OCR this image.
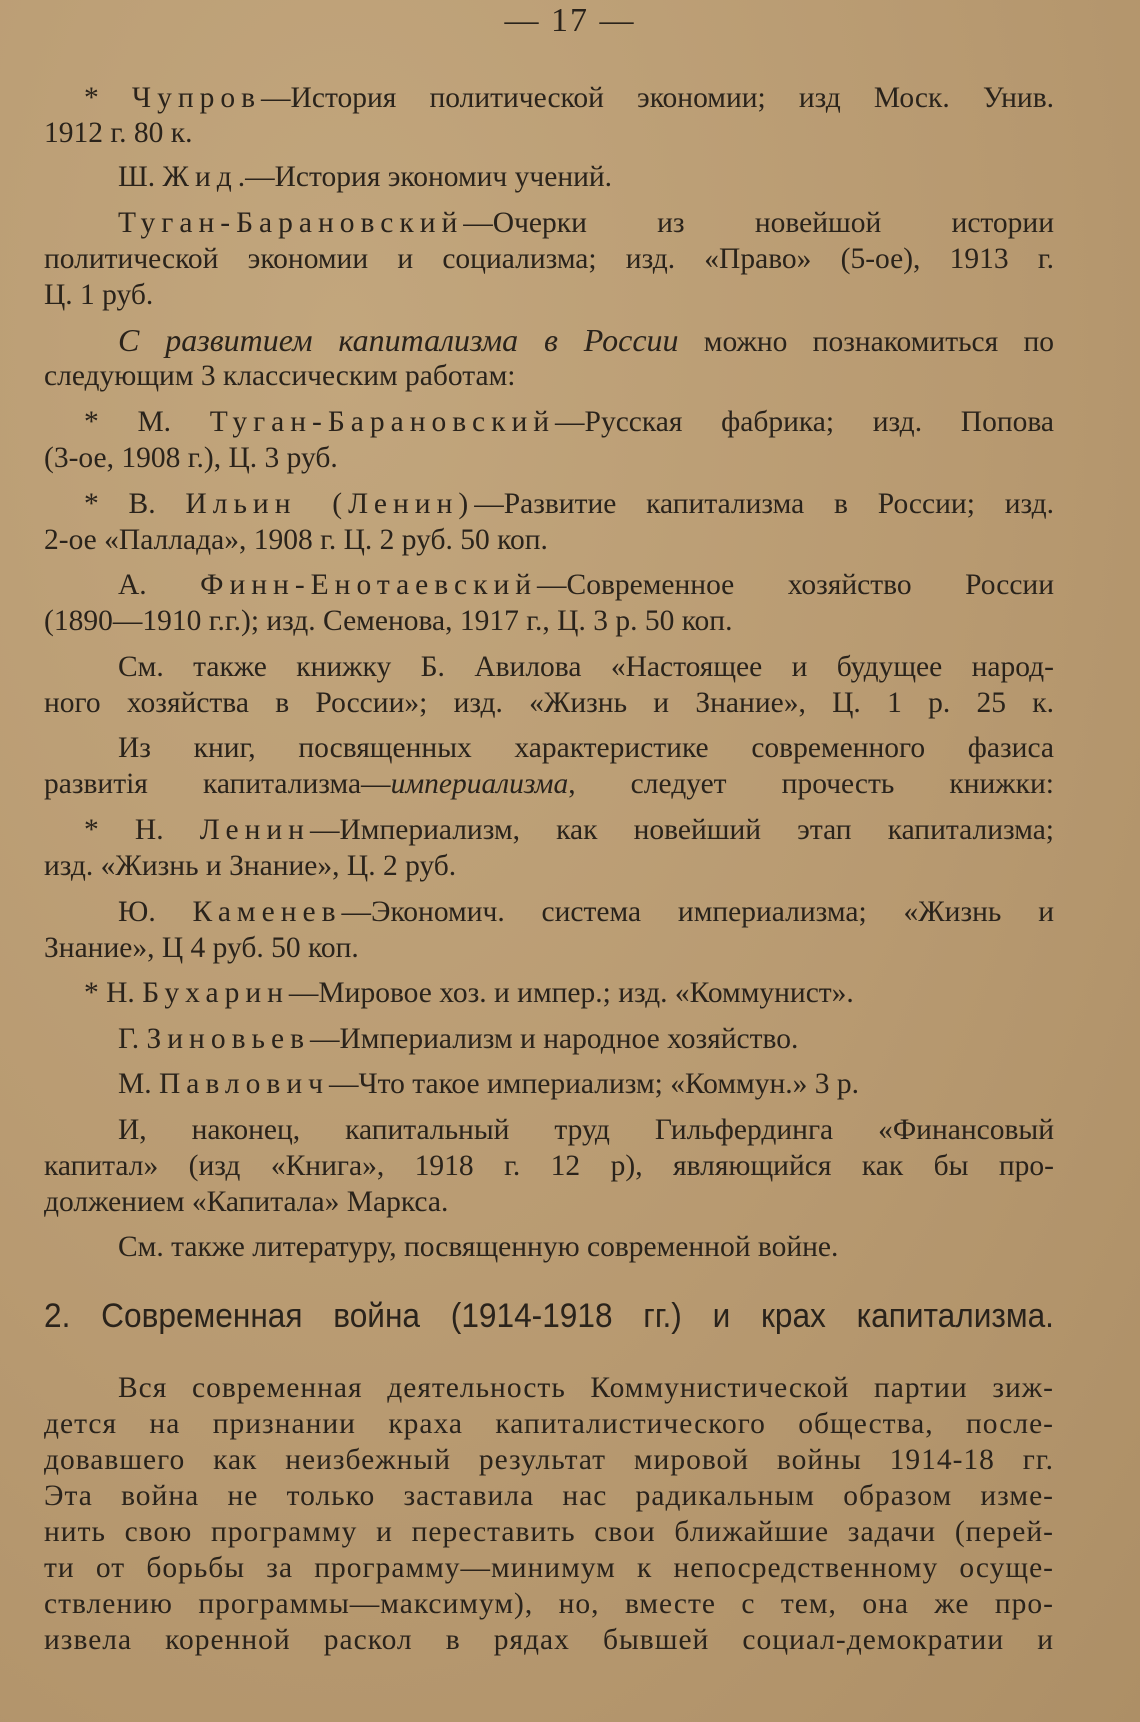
— 17 —
* Чупров—История политической экономии; изд Моск. Унив.
1912 г. 80 к.
Ш. Жид.—История экономич учений.
Туган-Барановский—Очерки из новейшой истории
политической экономии и социализма; изд. «Право» (5-ое), 1913 г.
Ц. 1 руб.
С развитием капитализма в России можно познакомиться по
следующим 3 классическим работам:
* М. Туган-Барановский—Русская фабрика; изд. Попова
(3-ое, 1908 г.), Ц. 3 руб.
* В. Ильин (Ленин)—Развитие капитализма в России; изд.
2-ое «Паллада», 1908 г. Ц. 2 руб. 50 коп.
А. Финн-Енотаевский—Современное хозяйство России
(1890—1910 г.г.); изд. Семенова, 1917 г., Ц. 3 р. 50 коп.
См. также книжку Б. Авилова «Настоящее и будущее народ-
ного хозяйства в России»; изд. «Жизнь и Знание», Ц. 1 р. 25 к.
Из книг, посвященных характеристике современного фазиса
развитія капитализма—империализма, следует прочесть книжки:
* Н. Ленин—Империализм, как новейший этап капитализма;
изд. «Жизнь и Знание», Ц. 2 руб.
Ю. Каменев—Экономич. система империализма; «Жизнь и
Знание», Ц 4 руб. 50 коп.
* Н. Бухарин—Мировое хоз. и импер.; изд. «Коммунист».
Г. Зиновьев—Империализм и народное хозяйство.
М. Павлович—Что такое империализм; «Коммун.» 3 р.
И, наконец, капитальный труд Гильфердинга «Финансовый
капитал» (изд «Книга», 1918 г. 12 р), являющийся как бы про-
должением «Капитала» Маркса.
См. также литературу, посвященную современной войне.
2. Современная война (1914-1918 гг.) и крах капитализма.
Вся современная деятельность Коммунистической партии зиж-
дется на признании краха капиталистического общества, после-
довавшего как неизбежный результат мировой войны 1914-18 гг.
Эта война не только заставила нас радикальным образом изме-
нить свою программу и переставить свои ближайшие задачи (перей-
ти от борьбы за программу—минимум к непосредственному осуще-
ствлению программы—максимум), но, вместе с тем, она же про-
извела коренной раскол в рядах бывшей социал-демократии и
